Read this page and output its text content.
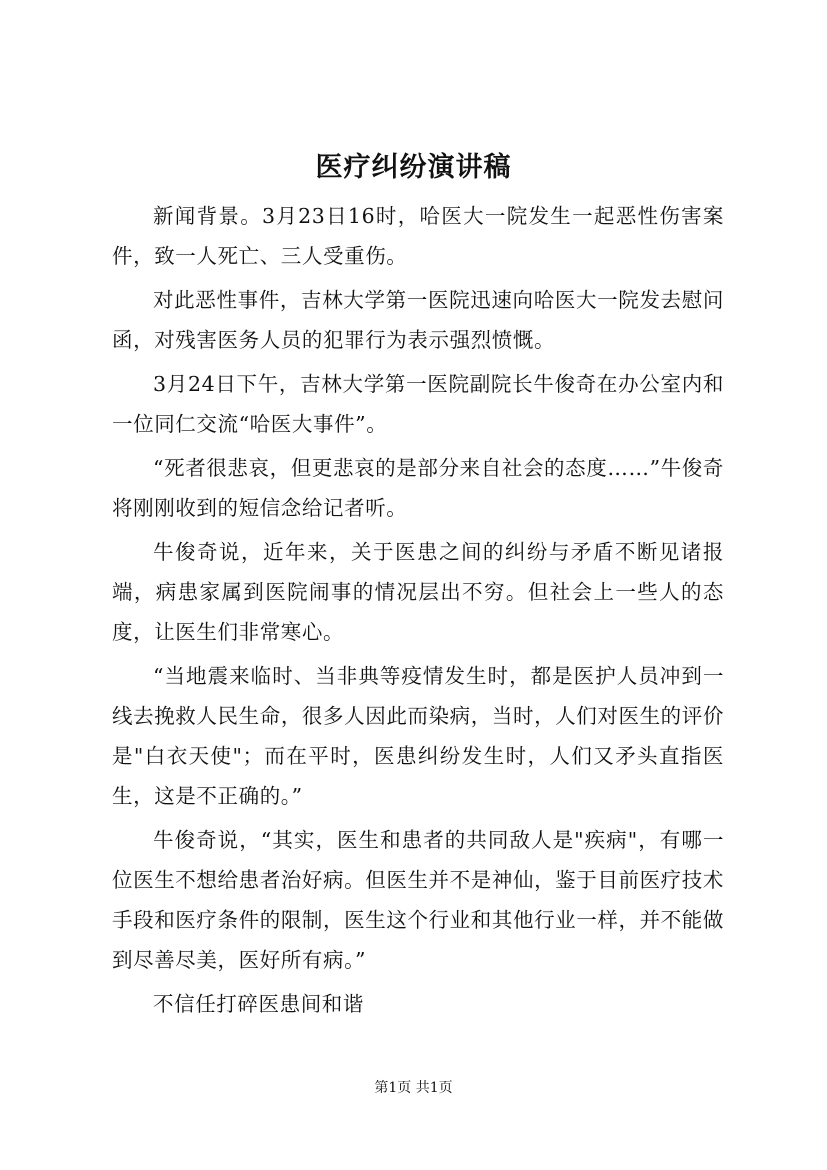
医疗纠纷演讲稿

新闻背景。3月23日16时，哈医大一院发生一起恶性伤害案件，致一人死亡、三人受重伤。

对此恶性事件，吉林大学第一医院迅速向哈医大一院发去慰问函，对残害医务人员的犯罪行为表示强烈愤慨。

3月24日下午，吉林大学第一医院副院长牛俊奇在办公室内和一位同仁交流“哈医大事件”。

“死者很悲哀，但更悲哀的是部分来自社会的态度……”牛俊奇将刚刚收到的短信念给记者听。

牛俊奇说，近年来，关于医患之间的纠纷与矛盾不断见诸报端，病患家属到医院闹事的情况层出不穷。但社会上一些人的态度，让医生们非常寒心。

“当地震来临时、当非典等疫情发生时，都是医护人员冲到一线去挽救人民生命，很多人因此而染病，当时，人们对医生的评价是"白衣天使"；而在平时，医患纠纷发生时，人们又矛头直指医生，这是不正确的。”

牛俊奇说，“其实，医生和患者的共同敌人是"疾病"，有哪一位医生不想给患者治好病。但医生并不是神仙，鉴于目前医疗技术手段和医疗条件的限制，医生这个行业和其他行业一样，并不能做到尽善尽美，医好所有病。”

不信任打碎医患间和谐

第1页 共1页
